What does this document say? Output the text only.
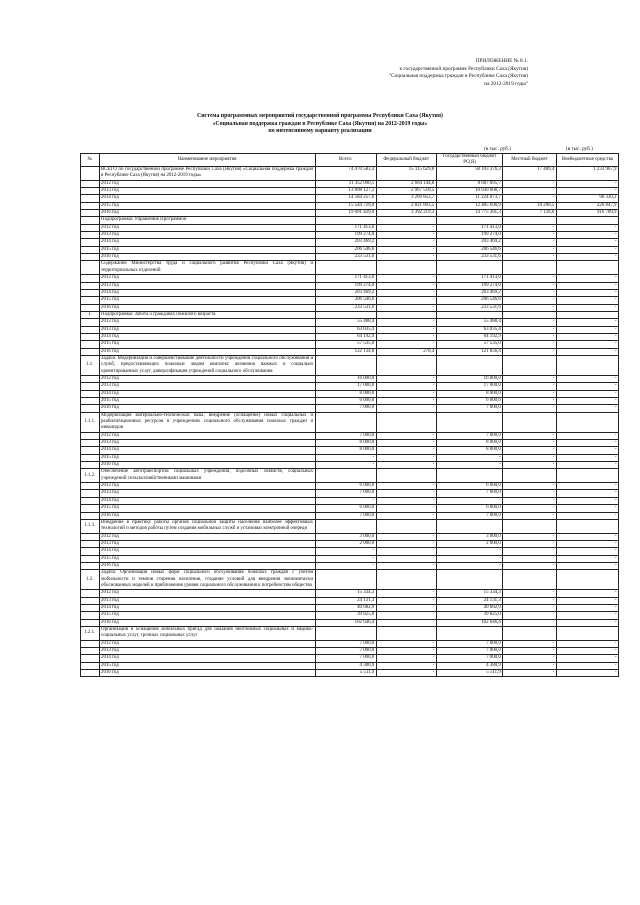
ПРИЛОЖЕНИЕ № 8.1.
к государственной программе Республики Саха (Якутия)
"Социальная поддержка граждан в Республике Саха (Якутия)
на 2012-2019 годы"
Система программных мероприятий государственной программы Республики Саха (Якутия)
«Социальная поддержка граждан в Республике Саха (Якутия) на 2012-2019 годы»
по интенсивному варианту реализации
(в тыс. руб.)	(в тыс. руб.)
№	Наименование мероприятия	Всего:	Федеральный бюджет	Государственный бюджет РС(Я)	Местный бюджет	Внебюджетные средства
	ВСЕГО по государственной программе Республики Саха (Якутия) «Социальная поддержка граждан в Республике Саха (Якутия) на 2012-2019 годы»	74 470 583,4	15 115 629,8	58 103 376,3	17 409,4	1 233 967,9
	2012 год	11 352 090,5	2 664 144,8	8 687 895,7	-	-
	2013 год	13 898 127,2	2 967 518,5	10 930 608,7	-	-
	2014 год	14 584 257,6	3 269 853,7	11 224 073,7	-	90 330,2
	2015 год	15 544 729,0	2 821 893,5	12 485 696,9	10 290,5	226 847,9
	2016 год	19 091 429,0	3 392 219,3	14 775 301,3	7 118,6	916 789,9
	Подпрограмма: Управление Программой					
	2012 год	171 413,0	-	171 413,0	-	-
	2013 год	199 274,0	-	199 274,0	-	-
	2014 год	203 469,2	-	203 469,2	-	-
	2015 год	206 546,6	-	206 546,6	-	-
	2016 год	233 531,6	-	233 531,6	-	-
	Содержание Министерства труда и социального развития Республики Саха (Якутия) и территориальных отделений					
	2012 год	171 413,0	-	171 413,0	-	-
	2013 год	199 274,0	-	199 274,0	-	-
	2014 год	203 469,2	-	203 469,2	-	-
	2015 год	206 546,6	-	206 546,6	-	-
	2016 год	233 531,6	-	233 531,6	-	-
1.	Подпрограмма: Забота о гражданах пожилого возраста					
	2012 год	55 488,4	-	55 488,4	-	-
	2013 год	63 035,4	-	63 035,4	-	-
	2014 год	64 192,9	-	64 192,9	-	-
	2015 год	57 535,0	-	57 535,0	-	-
	2016 год	122 134,8	278,4	121 856,4	-	-
1.1.	Задача: Модернизация и совершенствование деятельности учреждений социального обслуживания и служб, предоставляющих пожилым людям комплекс жизненно важных и социально ориентированных услуг, диверсификация учреждений социального обслуживания					
	2012 год	16 000,0	-	16 000,0	-	-
	2013 год	17 000,0	-	17 000,0	-	-
	2014 год	8 000,0	-	8 000,0	-	-
	2015 год	6 000,0	-	6 000,0	-	-
	2016 год	7 000,0	-	7 000,0	-	-
1.1.1.	Модернизация материально-технической базы, внедрение (оснащение) новых социальных и реабилитационных ресурсов в учреждениях социального обслуживания пожилых граждан и инвалидов					
	2012 год	7 000,0	-	7 000,0	-	-
	2013 год	8 000,0	-	8 000,0	-	-
	2014 год	8 000,0	-	8 000,0	-	-
	2015 год	-	-	-	-	-
	2016 год	-	-	-	-	-
1.1.2.	Обеспечение автотранспортом социальных учреждений, подсобных хозяйств, социальных учреждений сельскохозяйственными машинами					
	2012 год	6 000,0	-	6 000,0	-	-
	2013 год	7 000,0	-	7 000,0	-	-
	2014 год	-	-	-	-	-
	2015 год	6 000,0	-	6 000,0	-	-
	2016 год	7 000,0	-	7 000,0	-	-
1.1.3.	Внедрение в практику работы органов социальной защиты населения наиболее эффективных технологий и методов работы путем создания мобильных служб и установки электронной очереди					
	2012 год	3 000,0	-	3 000,0	-	-
	2013 год	2 000,0	-	2 000,0	-	-
	2014 год	-	-	-	-	-
	2015 год	-	-	-	-	-
	2016 год	-	-	-	-	-
1.2.	Задача: Организация новых форм социального обслуживания пожилых граждан с учетом мобильности и темпов старения населения, создание условий для внедрения экономически обоснованных моделей и приближения уровня социального обслуживания к потребностям общества					
	2012 год	15 334,3	-	15 334,3	-	-
	2013 год	24 131,3	-	24 131,3	-	-
	2014 год	40 682,9	-	40 682,9	-	-
	2015 год	39 825,0	-	39 825,0	-	-
	2016 год	102 646,4	-	102 646,4	-	-
1.2.1.	Организация и оснащение мобильных бригад для оказания неотложных социальных и медико-социальных услуг, срочных социальных услуг					
	2012 год	7 000,0	-	7 000,0	-	-
	2013 год	7 000,0	-	7 000,0	-	-
	2014 год	7 000,0	-	7 000,0	-	-
	2015 год	4 380,9	-	4 380,9	-	-
	2016 год	5 511,9	-	5 511,9	-	-
